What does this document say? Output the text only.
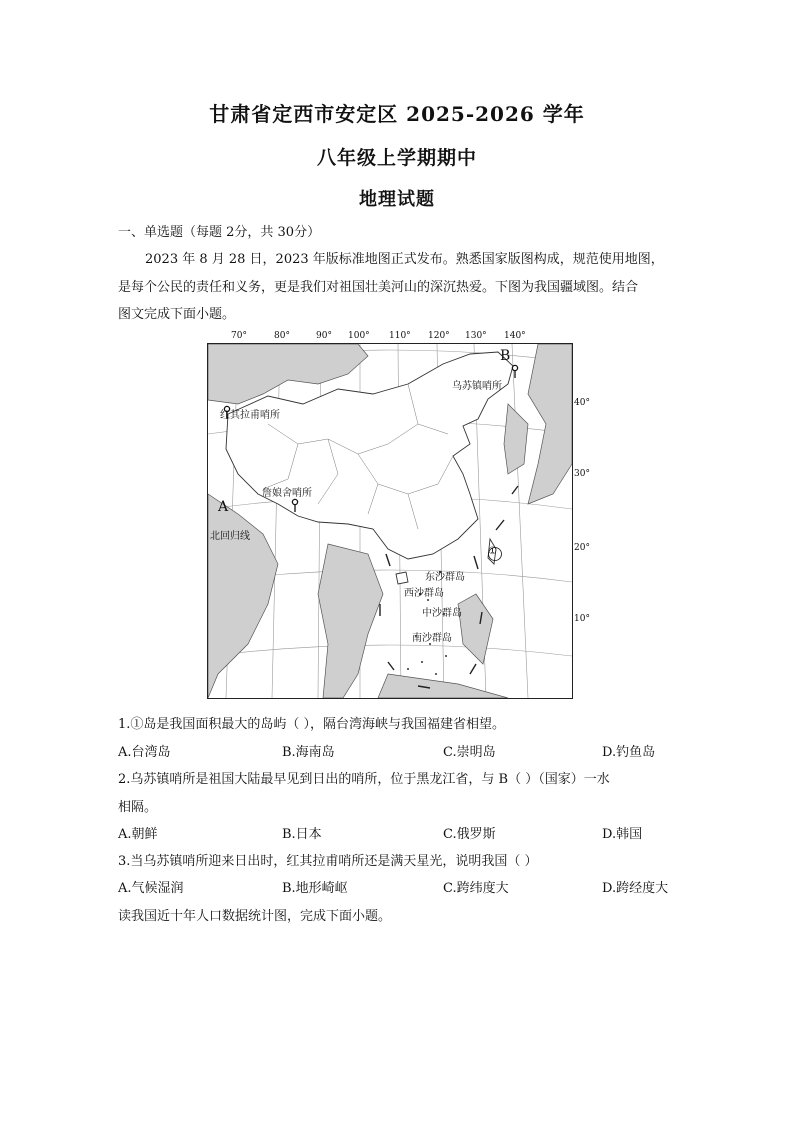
甘肃省定西市安定区 2025-2026 学年
八年级上学期期中
地理试题
一、单选题（每题 2分，共 30分）
2023 年 8 月 28 日，2023 年版标准地图正式发布。熟悉国家版图构成，规范使用地图，
是每个公民的责任和义务，更是我们对祖国壮美河山的深沉热爱。下图为我国疆域图。结合
图文完成下面小题。
70°	80°	90° 100° 110° 120° 130° 140°
B
乌苏镇哨所
红其拉甫哨所
詹娘舍哨所
A
北回归线
①
东沙群岛
西沙群岛
中沙群岛
南沙群岛
40°
30°
20°
10°
1.①岛是我国面积最大的岛屿（ ），隔台湾海峡与我国福建省相望。
A.台湾岛	B.海南岛	C.崇明岛	D.钓鱼岛
2.乌苏镇哨所是祖国大陆最早见到日出的哨所，位于黑龙江省，与 B（ ）（国家）一水
相隔。
A.朝鲜	B.日本	C.俄罗斯	D.韩国
3.当乌苏镇哨所迎来日出时，红其拉甫哨所还是满天星光，说明我国（ ）
A.气候湿润	B.地形崎岖	C.跨纬度大	D.跨经度大
读我国近十年人口数据统计图，完成下面小题。
